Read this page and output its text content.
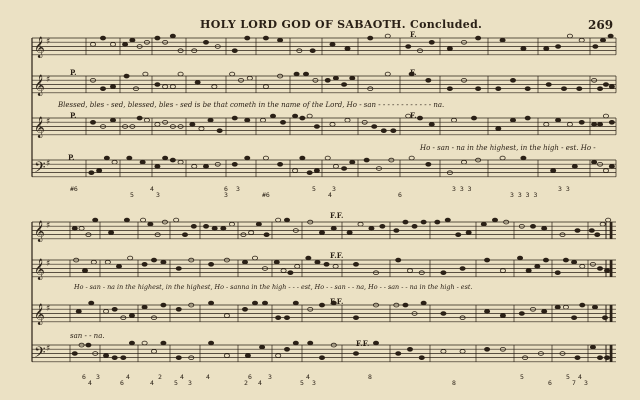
HOLY LORD GOD OF SABAOTH. Concluded.	269
𝄞 ♯
𝄞 ♯
𝄞 ♯
𝄢 ♯
𝄞 ♯
𝄞 ♯
𝄞 ♯
𝄢 ♯
Blessed, bles - sed, blessed, bles - sed is be that cometh in the name of the Lord, Ho - san - - - - - - - - - - - - na.
Ho - san - na in the highest, in the high - est. Ho -
Ho - san - na in the highest, in the highest, Ho - sanna in the high - - - est, Ho - - san - - na, Ho - - san - - na in the high - est.
san - - na.
P.
P.
P.
F.
F.
F.
F.F.
F.F.
F.F.
F.F.
#6
5
4
3
6
3
3
#6
5
4
3
6
3 3 3
3 3 3 3
3 3
6
4
3
6
4
4
2
5
4
3
4
2
6
4
3
5
4
3
8
8
5
6
5
7
4
3
